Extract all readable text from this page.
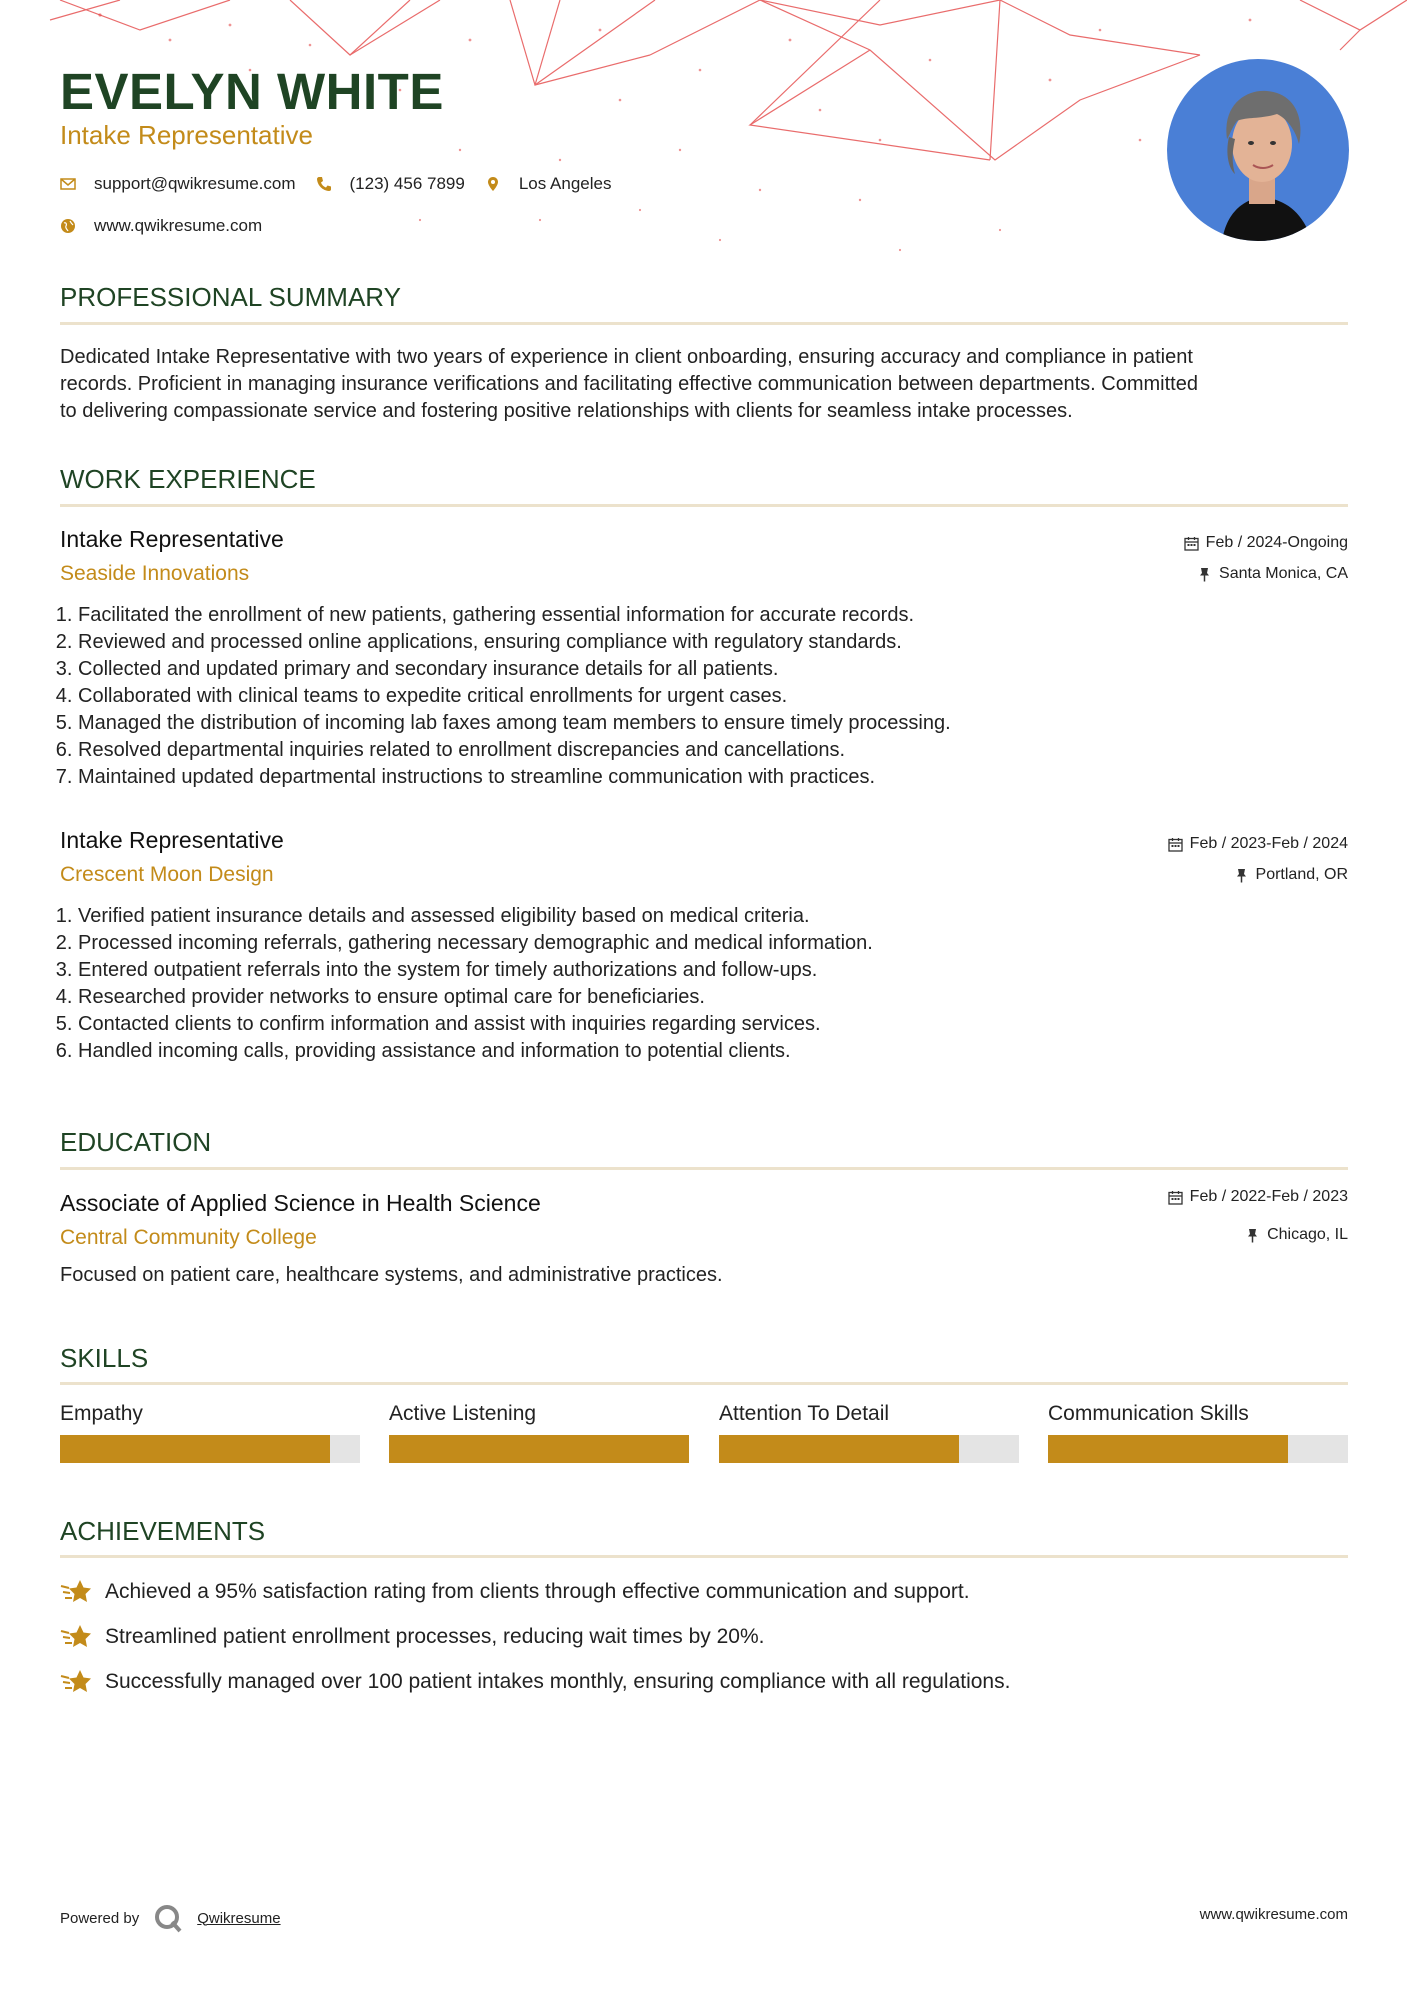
EVELYN WHITE
Intake Representative
support@qwikresume.com	(123) 456 7899	Los Angeles
www.qwikresume.com
PROFESSIONAL SUMMARY
Dedicated Intake Representative with two years of experience in client onboarding, ensuring accuracy and compliance in patient
records. Proficient in managing insurance verifications and facilitating effective communication between departments. Committed
to delivering compassionate service and fostering positive relationships with clients for seamless intake processes.
WORK EXPERIENCE
Intake Representative
Seaside Innovations
Feb / 2024-Ongoing
Santa Monica, CA
1. Facilitated the enrollment of new patients, gathering essential information for accurate records.
2. Reviewed and processed online applications, ensuring compliance with regulatory standards.
3. Collected and updated primary and secondary insurance details for all patients.
4. Collaborated with clinical teams to expedite critical enrollments for urgent cases.
5. Managed the distribution of incoming lab faxes among team members to ensure timely processing.
6. Resolved departmental inquiries related to enrollment discrepancies and cancellations.
7. Maintained updated departmental instructions to streamline communication with practices.
Intake Representative
Crescent Moon Design
Feb / 2023-Feb / 2024
Portland, OR
1. Verified patient insurance details and assessed eligibility based on medical criteria.
2. Processed incoming referrals, gathering necessary demographic and medical information.
3. Entered outpatient referrals into the system for timely authorizations and follow-ups.
4. Researched provider networks to ensure optimal care for beneficiaries.
5. Contacted clients to confirm information and assist with inquiries regarding services.
6. Handled incoming calls, providing assistance and information to potential clients.
EDUCATION
Associate of Applied Science in Health Science
Central Community College
Feb / 2022-Feb / 2023
Chicago, IL
Focused on patient care, healthcare systems, and administrative practices.
SKILLS
Empathy	Active Listening	Attention To Detail	Communication Skills
ACHIEVEMENTS
Achieved a 95% satisfaction rating from clients through effective communication and support.
Streamlined patient enrollment processes, reducing wait times by 20%.
Successfully managed over 100 patient intakes monthly, ensuring compliance with all regulations.
Powered by	Qwikresume	www.qwikresume.com
